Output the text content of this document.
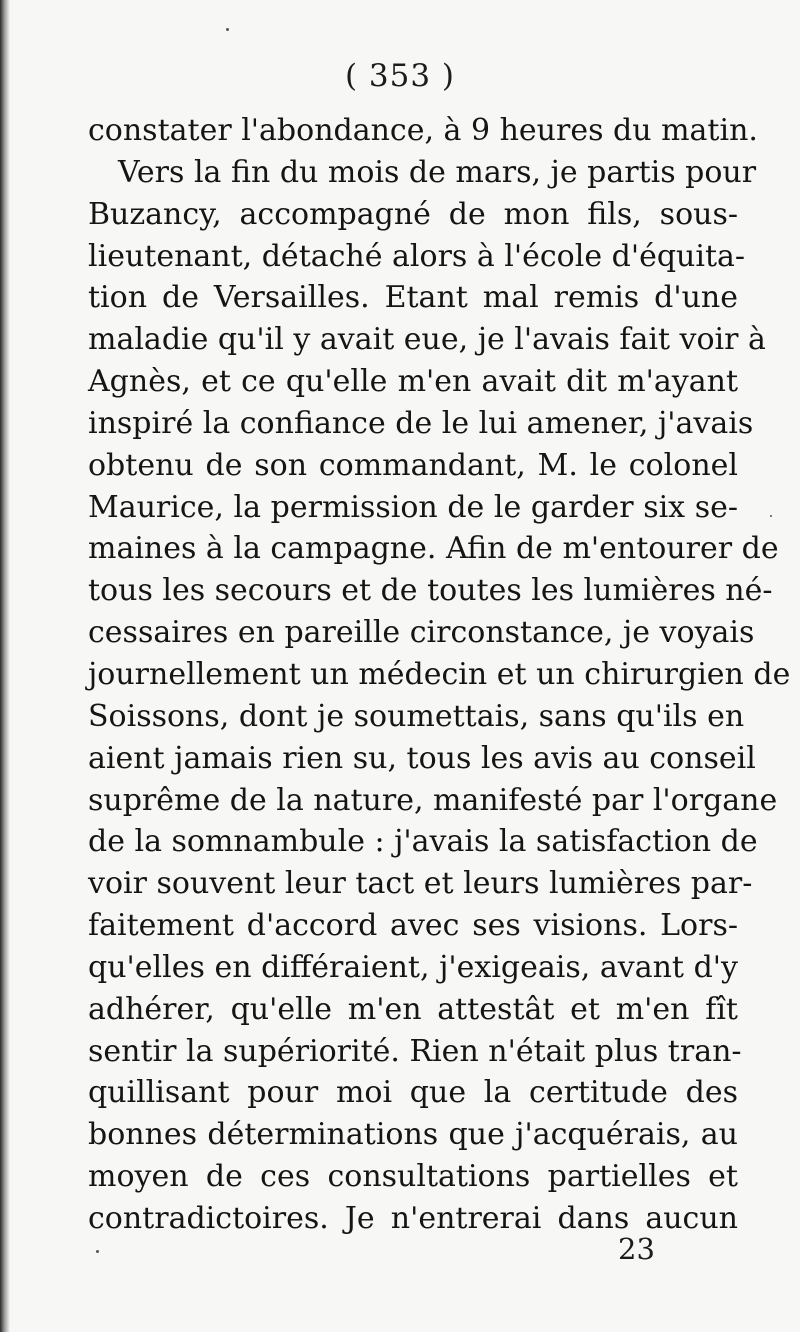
( 353 )
constater l'abondance, à 9 heures du matin.
Vers la fin du mois de mars, je partis pour
Buzancy, accompagné de mon fils, sous-
lieutenant, détaché alors à l'école d'équita-
tion de Versailles. Etant mal remis d'une
maladie qu'il y avait eue, je l'avais fait voir à
Agnès, et ce qu'elle m'en avait dit m'ayant
inspiré la confiance de le lui amener, j'avais
obtenu de son commandant, M. le colonel
Maurice, la permission de le garder six se-
maines à la campagne. Afin de m'entourer de
tous les secours et de toutes les lumières né-
cessaires en pareille circonstance, je voyais
journellement un médecin et un chirurgien de
Soissons, dont je soumettais, sans qu'ils en
aient jamais rien su, tous les avis au conseil
suprême de la nature, manifesté par l'organe
de la somnambule : j'avais la satisfaction de
voir souvent leur tact et leurs lumières par-
faitement d'accord avec ses visions. Lors-
qu'elles en différaient, j'exigeais, avant d'y
adhérer, qu'elle m'en attestât et m'en fît
sentir la supériorité. Rien n'était plus tran-
quillisant pour moi que la certitude des
bonnes déterminations que j'acquérais, au
moyen de ces consultations partielles et
contradictoires. Je n'entrerai dans aucun
23
